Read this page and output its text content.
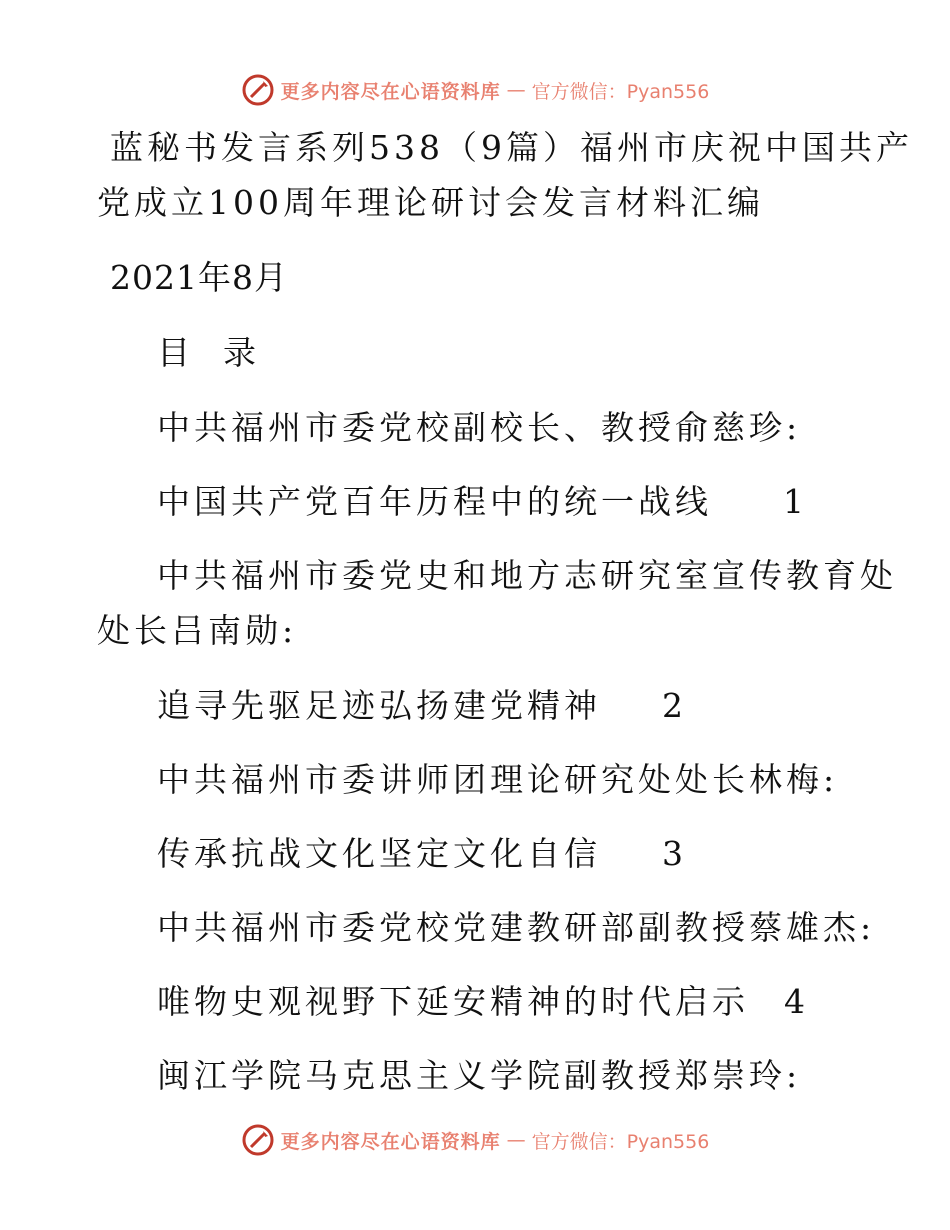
更多内容尽在心语资料库 — 官方微信：Pyan556
蓝秘书发言系列538（9篇）福州市庆祝中国共产
党成立100周年理论研讨会发言材料汇编
2021年8月
目  录
中共福州市委党校副校长、教授俞慈珍:
中国共产党百年历程中的统一战线 1
中共福州市委党史和地方志研究室宣传教育处
处长吕南勋:
追寻先驱足迹弘扬建党精神 2
中共福州市委讲师团理论研究处处长林梅:
传承抗战文化坚定文化自信 3
中共福州市委党校党建教研部副教授蔡雄杰:
唯物史观视野下延安精神的时代启示 4
闽江学院马克思主义学院副教授郑崇玲:
更多内容尽在心语资料库 — 官方微信：Pyan556
